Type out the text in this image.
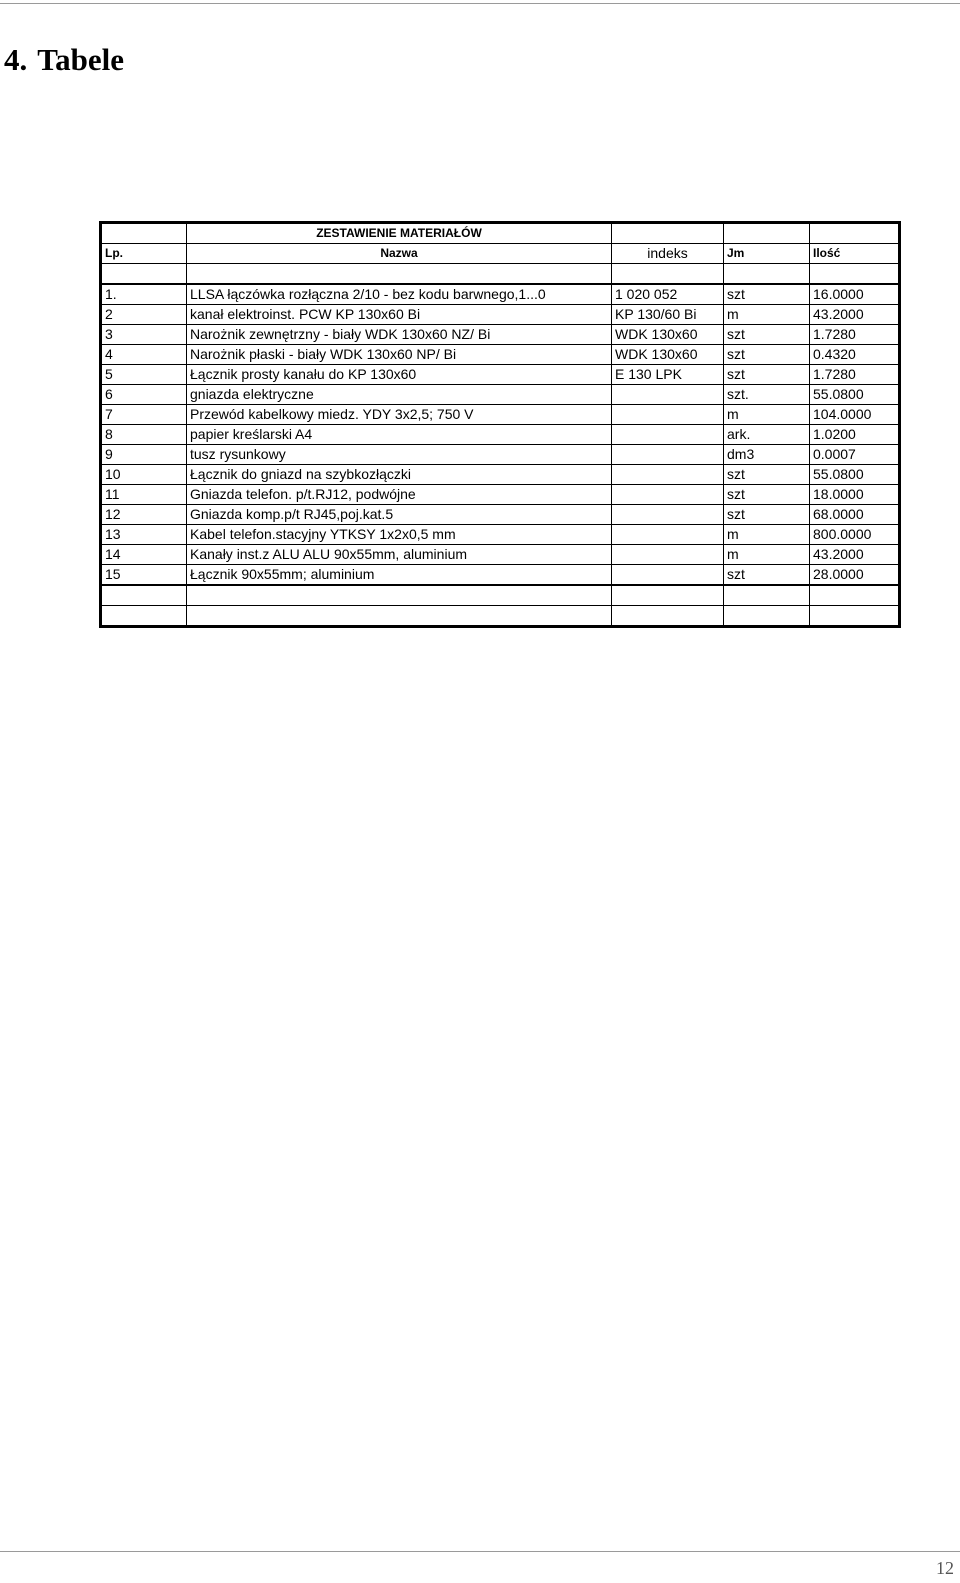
4. Tabele
	ZESTAWIENIE MATERIAŁÓW			
Lp.	Nazwa	indeks	Jm	Ilość

1.	LLSA łączówka rozłączna 2/10 - bez kodu barwnego,1...0	1 020 052	szt	16.0000
2	kanał elektroinst. PCW KP 130x60 Bi	KP 130/60 Bi	m	43.2000
3	Narożnik zewnętrzny - biały WDK 130x60 NZ/ Bi	WDK 130x60	szt	1.7280
4	Narożnik płaski - biały WDK 130x60 NP/ Bi	WDK 130x60	szt	0.4320
5	Łącznik prosty kanału do KP 130x60	E 130 LPK	szt	1.7280
6	gniazda elektryczne		szt.	55.0800
7	Przewód kabelkowy miedz. YDY 3x2,5; 750 V		m	104.0000
8	papier kreślarski A4		ark.	1.0200
9	tusz rysunkowy		dm3	0.0007
10	Łącznik do gniazd na szybkozłączki		szt	55.0800
11	Gniazda telefon. p/t.RJ12, podwójne		szt	18.0000
12	Gniazda komp.p/t RJ45,poj.kat.5		szt	68.0000
13	Kabel telefon.stacyjny YTKSY 1x2x0,5 mm		m	800.0000
14	Kanały inst.z ALU ALU 90x55mm, aluminium		m	43.2000
15	Łącznik 90x55mm; aluminium		szt	28.0000

12
